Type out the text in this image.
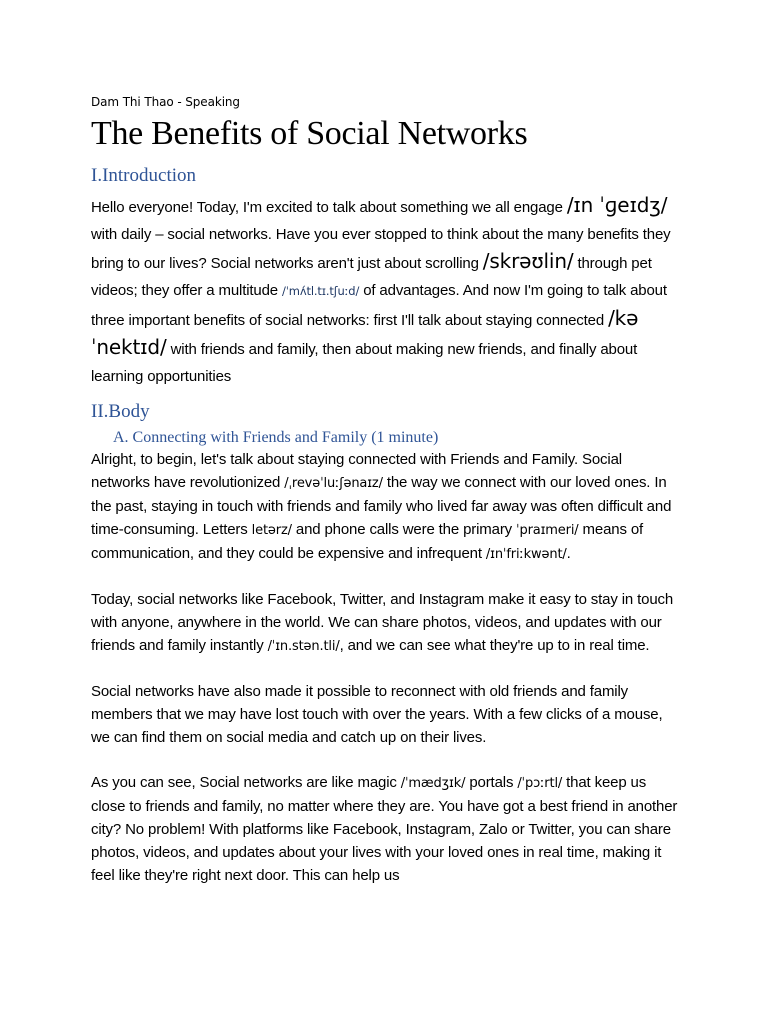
Dam Thi Thao - Speaking
The Benefits of Social Networks
I.Introduction

Hello everyone! Today, I'm excited to talk about something we all engage /ɪn ˈɡeɪdʒ/ with daily – social networks. Have you ever stopped to think about the many benefits they bring to our lives? Social networks aren't just about scrolling /skrəʊlin/ through pet videos; they offer a multitude /ˈmʌ́tl.tɪ.tʃuːd/ of advantages. And now I'm going to talk about three important benefits of social networks: first I'll talk about staying connected /kəˈnektɪd/ with friends and family, then about making new friends, and finally about learning opportunities

II.Body
A. Connecting with Friends and Family (1 minute)

Alright, to begin, let's talk about staying connected with Friends and Family. Social networks have revolutionized /ˌrevəˈluːʃənaɪz/ the way we connect with our loved ones. In the past, staying in touch with friends and family who lived far away was often difficult and time-consuming. Letters letərz/ and phone calls were the primary ˈpraɪmeri/ means of communication, and they could be expensive and infrequent /ɪnˈfriːkwənt/.

Today, social networks like Facebook, Twitter, and Instagram make it easy to stay in touch with anyone, anywhere in the world. We can share photos, videos, and updates with our friends and family instantly /ˈɪn.stən.tli/, and we can see what they're up to in real time.

Social networks have also made it possible to reconnect with old friends and family members that we may have lost touch with over the years. With a few clicks of a mouse, we can find them on social media and catch up on their lives.

As you can see, Social networks are like magic /ˈmædʒɪk/ portals /ˈpɔːrtl/ that keep us close to friends and family, no matter where they are. You have got a best friend in another city? No problem! With platforms like Facebook, Instagram, Zalo or Twitter, you can share photos, videos, and updates about your lives with your loved ones in real time, making it feel like they're right next door. This can help us
